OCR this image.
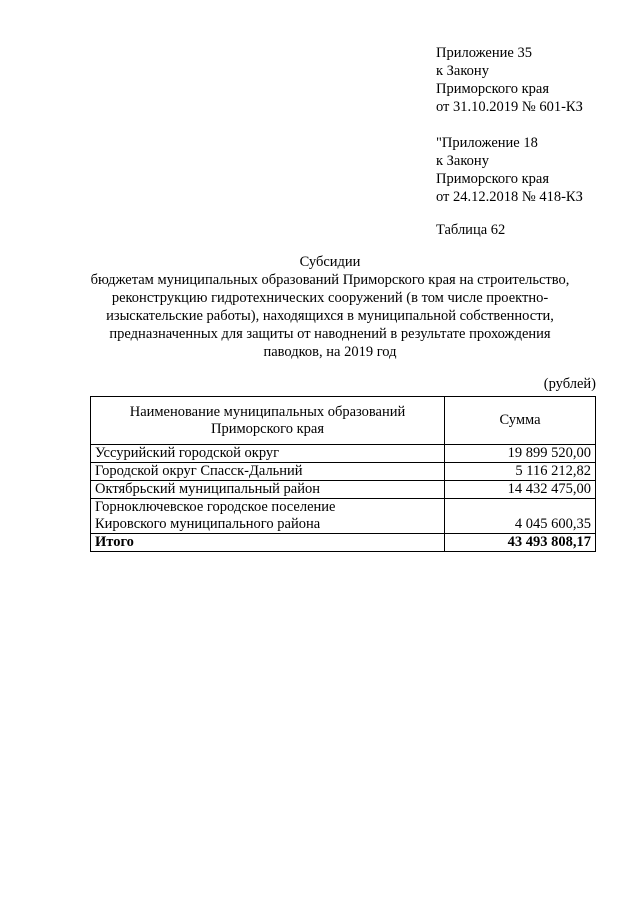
Приложение 35
к Закону
Приморского края
от 31.10.2019 № 601-КЗ
"Приложение 18
к Закону
Приморского края
от 24.12.2018 № 418-КЗ
Таблица 62
Субсидии
бюджетам муниципальных образований Приморского края на строительство,
реконструкцию гидротехнических сооружений (в том числе проектно-
изыскательские работы), находящихся в муниципальной собственности,
предназначенных для защиты от наводнений в результате прохождения
паводков, на 2019 год
(рублей)
Наименование муниципальных образований
Приморского края	Сумма
Уссурийский городской округ	19 899 520,00
Городской округ Спасск-Дальний	5 116 212,82
Октябрьский муниципальный район	14 432 475,00

Горноключевское городское поселение
Кировского муниципального района	4 045 600,35
Итого	43 493 808,17
